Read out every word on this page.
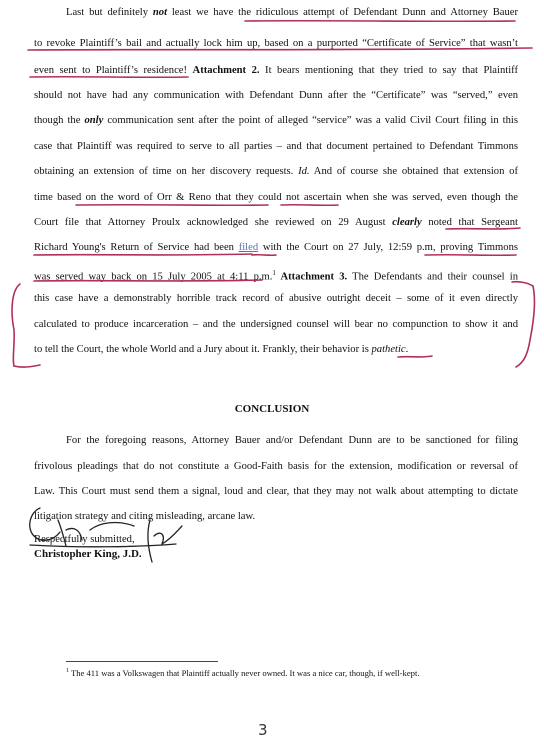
Last but definitely not least we have the ridiculous attempt of Defendant Dunn and Attorney Bauer
to revoke Plaintiff’s bail and actually lock him up, based on a purported “Certificate of Service” that wasn’t
even sent to Plaintiff’s residence! Attachment 2. It bears mentioning that they tried to say that Plaintiff
should not have had any communication with Defendant Dunn after the “Certificate” was “served,” even
though the only communication sent after the point of alleged “service” was a valid Civil Court filing in this
case that Plaintiff was required to serve to all parties – and that document pertained to Defendant Timmons
obtaining an extension of time on her discovery requests. Id. And of course she obtained that extension of
time based on the word of Orr & Reno that they could not ascertain when she was served, even though the
Court file that Attorney Proulx acknowledged she reviewed on 29 August clearly noted that Sergeant
Richard Young's Return of Service had been filed with the Court on 27 July, 12:59 p.m, proving Timmons
was served way back on 15 July 2005 at 4:11 p.m.$^1$ Attachment 3. The Defendants and their counsel in
this case have a demonstrably horrible track record of abusive outright deceit – some of it even directly
calculated to produce incarceration – and the undersigned counsel will bear no compunction to show it and
to tell the Court, the whole World and a Jury about it. Frankly, their behavior is pathetic.
CONCLUSION
For the foregoing reasons, Attorney Bauer and/or Defendant Dunn are to be sanctioned for filing
frivolous pleadings that do not constitute a Good-Faith basis for the extension, modification or reversal of
Law. This Court must send them a signal, loud and clear, that they may not walk about attempting to dictate
litigation strategy and citing misleading, arcane law.
Respectfully submitted,
Christopher King, J.D.
$^1$ The 411 was a Volkswagen that Plaintiff actually never owned. It was a nice car, though, if well-kept.
3
